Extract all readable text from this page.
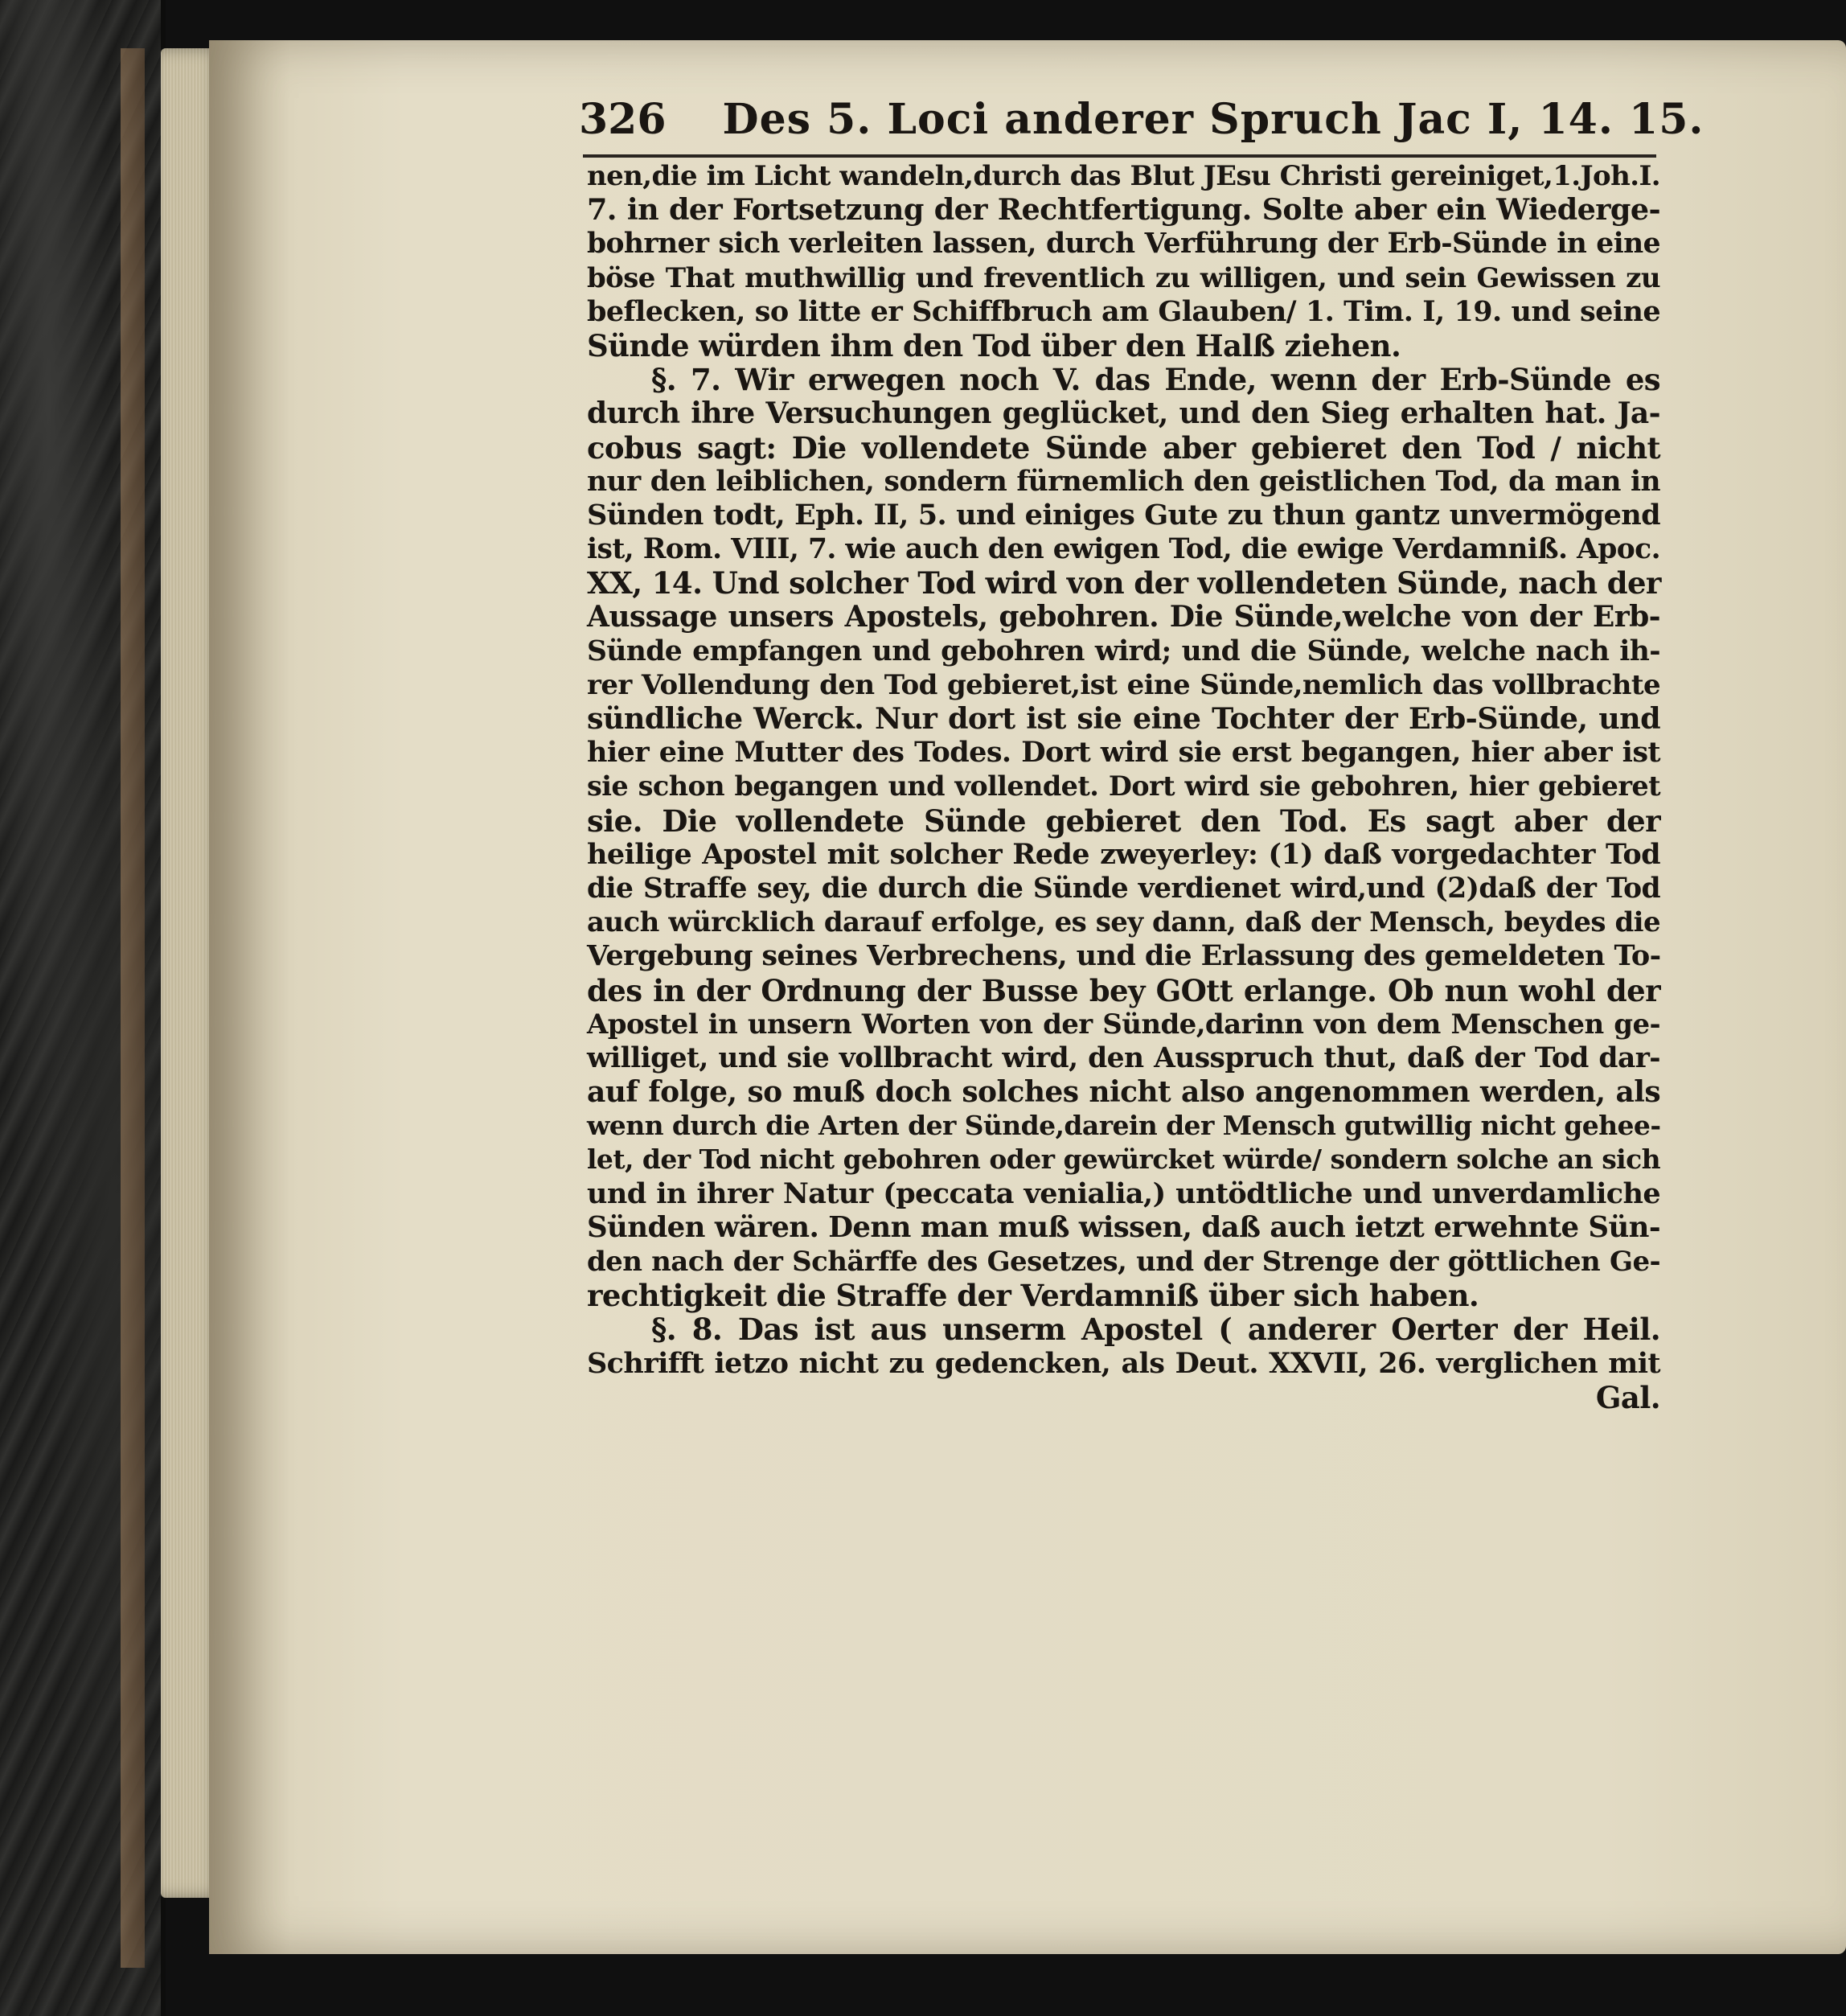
326 Des 5. Loci anderer Spruch Jac I, 14. 15.
nen,die im Licht wandeln,durch das Blut JEsu Christi gereiniget,1.Joh.I.
7. in der Fortsetzung der Rechtfertigung. Solte aber ein Wiederge-
bohrner sich verleiten lassen, durch Verführung der Erb-Sünde in eine
böse That muthwillig und freventlich zu willigen, und sein Gewissen zu
beflecken, so litte er Schiffbruch am Glauben/ 1. Tim. I, 19. und seine
Sünde würden ihm den Tod über den Halß ziehen.
§. 7. Wir erwegen noch V. das Ende, wenn der Erb-Sünde es
durch ihre Versuchungen geglücket, und den Sieg erhalten hat. Ja-
cobus sagt: Die vollendete Sünde aber gebieret den Tod / nicht
nur den leiblichen, sondern fürnemlich den geistlichen Tod, da man in
Sünden todt, Eph. II, 5. und einiges Gute zu thun gantz unvermögend
ist, Rom. VIII, 7. wie auch den ewigen Tod, die ewige Verdamniß. Apoc.
XX, 14. Und solcher Tod wird von der vollendeten Sünde, nach der
Aussage unsers Apostels, gebohren. Die Sünde,welche von der Erb-
Sünde empfangen und gebohren wird; und die Sünde, welche nach ih-
rer Vollendung den Tod gebieret,ist eine Sünde,nemlich das vollbrachte
sündliche Werck. Nur dort ist sie eine Tochter der Erb-Sünde, und
hier eine Mutter des Todes. Dort wird sie erst begangen, hier aber ist
sie schon begangen und vollendet. Dort wird sie gebohren, hier gebieret
sie. Die vollendete Sünde gebieret den Tod. Es sagt aber der
heilige Apostel mit solcher Rede zweyerley: (1) daß vorgedachter Tod
die Straffe sey, die durch die Sünde verdienet wird,und (2)daß der Tod
auch würcklich darauf erfolge, es sey dann, daß der Mensch, beydes die
Vergebung seines Verbrechens, und die Erlassung des gemeldeten To-
des in der Ordnung der Busse bey GOtt erlange. Ob nun wohl der
Apostel in unsern Worten von der Sünde,darinn von dem Menschen ge-
williget, und sie vollbracht wird, den Ausspruch thut, daß der Tod dar-
auf folge, so muß doch solches nicht also angenommen werden, als
wenn durch die Arten der Sünde,darein der Mensch gutwillig nicht gehee-
let, der Tod nicht gebohren oder gewürcket würde/ sondern solche an sich
und in ihrer Natur (peccata venialia,) untödtliche und unverdamliche
Sünden wären. Denn man muß wissen, daß auch ietzt erwehnte Sün-
den nach der Schärffe des Gesetzes, und der Strenge der göttlichen Ge-
rechtigkeit die Straffe der Verdamniß über sich haben.
§. 8. Das ist aus unserm Apostel ( anderer Oerter der Heil.
Schrifft ietzo nicht zu gedencken, als Deut. XXVII, 26. verglichen mit
Gal.
